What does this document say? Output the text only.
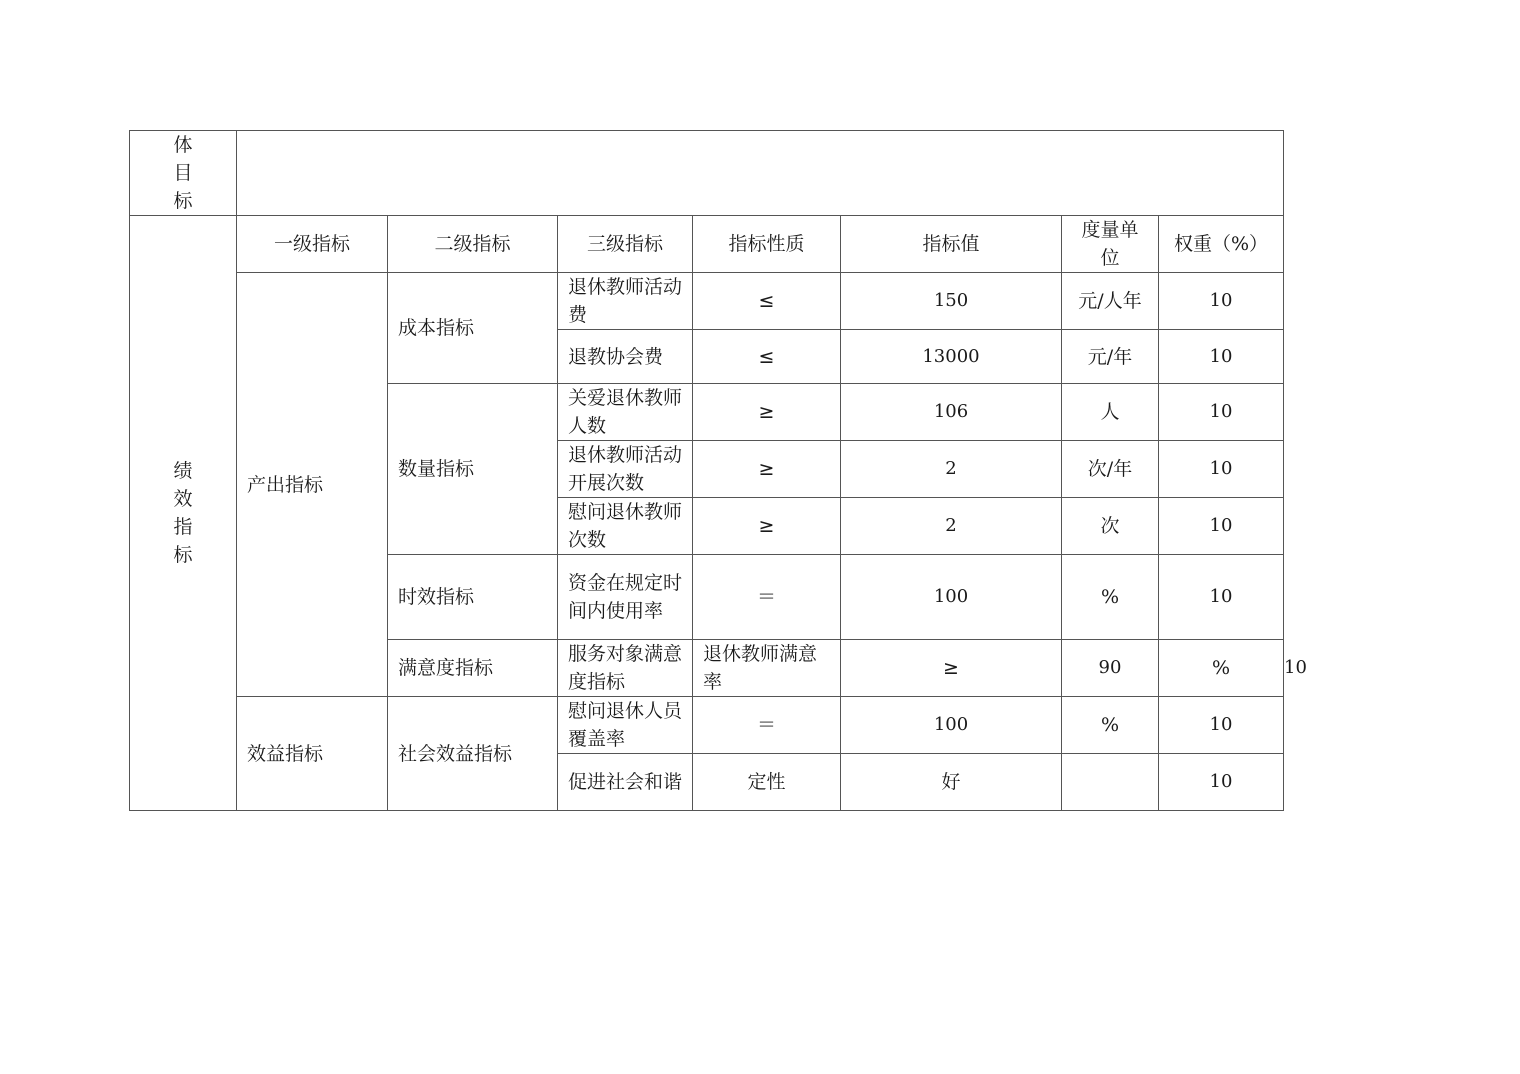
体
目
标								

绩
效
指
标	一级指标	二级指标	三级指标	指标性质	指标值	度量单位	权重（%）	
	产出指标	成本指标	退休教师活动费	≤	150	元/人年	10	
			退教协会费	≤	13000	元/年	10	
		数量指标	关爱退休教师人数	≥	106	人	10	
			退休教师活动开展次数	≥	2	次/年	10	
			慰问退休教师次数	≥	2	次	10	
		时效指标	资金在规定时间内使用率	＝	100	%	10	
		满意度指标	服务对象满意度指标	退休教师满意率	≥	90	%	10
	效益指标	社会效益指标	慰问退休人员覆盖率	＝	100	%	10	
			促进社会和谐	定性	好		10	
